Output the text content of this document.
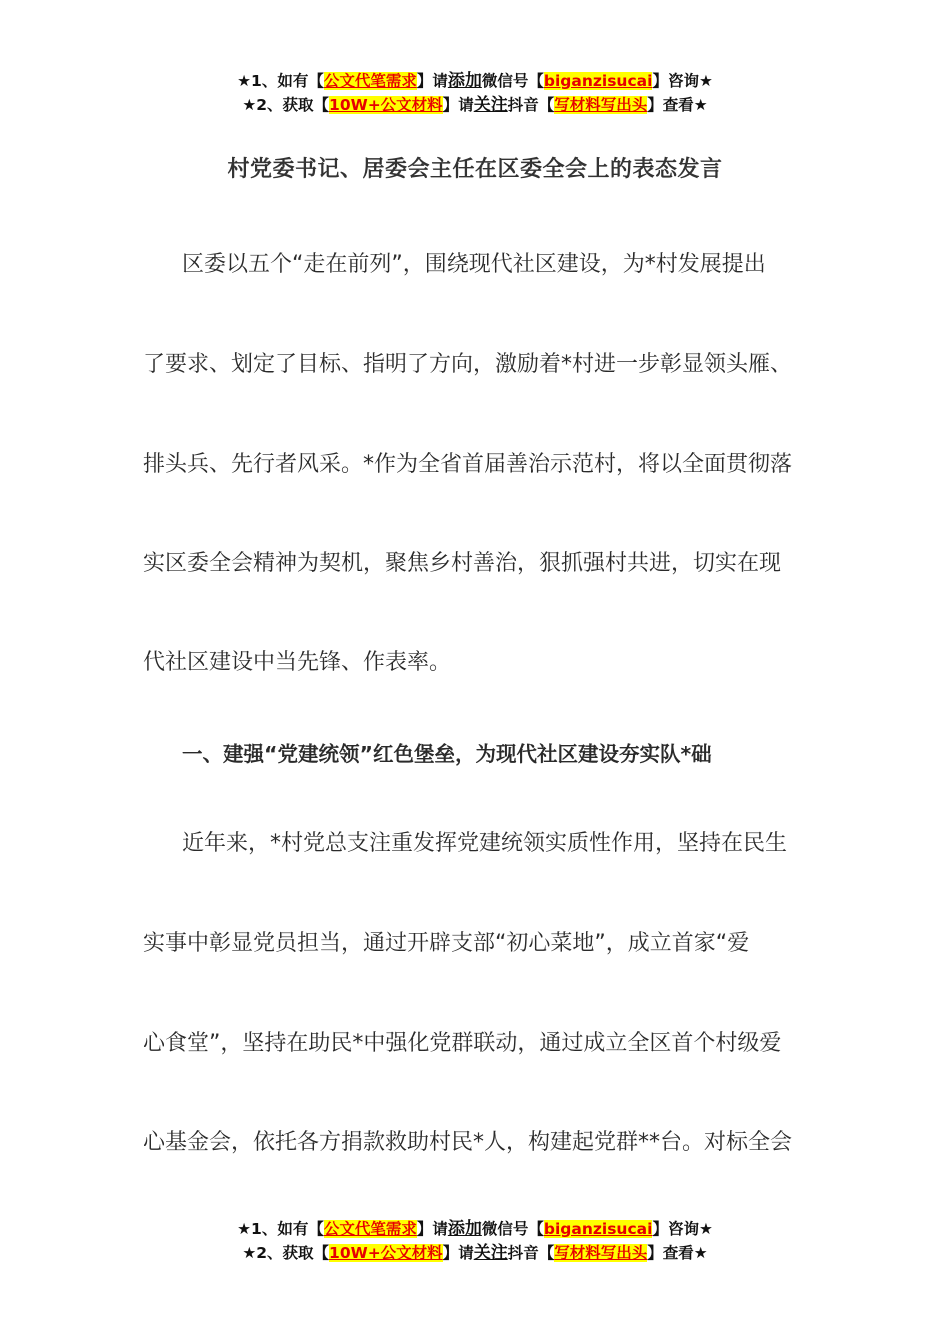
★1、如有【公文代笔需求】请添加微信号【biganzisucai】咨询★
★2、获取【10W+公文材料】请关注抖音【写材料写出头】查看★
村党委书记、居委会主任在区委全会上的表态发言
区委以五个“走在前列”，围绕现代社区建设，为*村发展提出
了要求、划定了目标、指明了方向，激励着*村进一步彰显领头雁、
排头兵、先行者风采。*作为全省首届善治示范村，将以全面贯彻落
实区委全会精神为契机，聚焦乡村善治，狠抓强村共进，切实在现
代社区建设中当先锋、作表率。
一、建强“党建统领”红色堡垒，为现代社区建设夯实队*础
近年来，*村党总支注重发挥党建统领实质性作用，坚持在民生
实事中彰显党员担当，通过开辟支部“初心菜地”，成立首家“爱
心食堂”，坚持在助民*中强化党群联动，通过成立全区首个村级爱
心基金会，依托各方捐款救助村民*人，构建起党群**台。对标全会
★1、如有【公文代笔需求】请添加微信号【biganzisucai】咨询★
★2、获取【10W+公文材料】请关注抖音【写材料写出头】查看★
